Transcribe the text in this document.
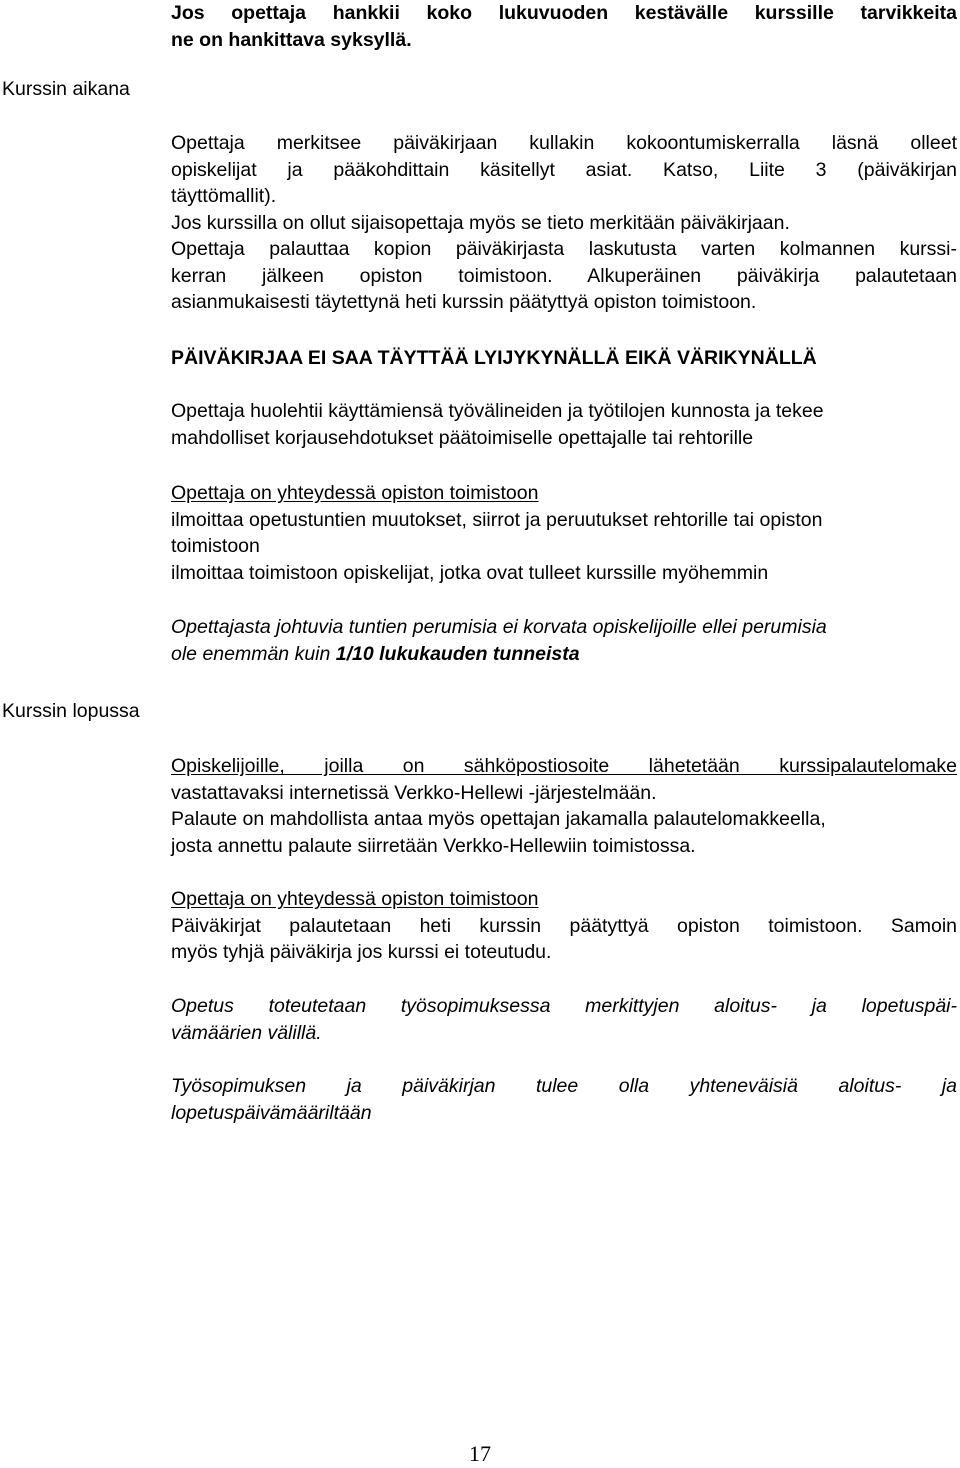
Kurssin aikana
Kurssin lopussa

Jos opettaja hankkii koko lukuvuoden kestävälle kurssille tarvikkeita

ne on hankittava syksyllä.

Opettaja merkitsee päiväkirjaan kullakin kokoontumiskerralla läsnä olleet

opiskelijat ja pääkohdittain käsitellyt asiat. Katso, Liite 3 (päiväkirjan

täyttömallit).

Jos kurssilla on ollut sijaisopettaja myös se tieto merkitään päiväkirjaan.

Opettaja palauttaa kopion päiväkirjasta laskutusta varten kolmannen kurssi-

kerran jälkeen opiston toimistoon. Alkuperäinen päiväkirja palautetaan

asianmukaisesti täytettynä heti kurssin päätyttyä opiston toimistoon.

PÄIVÄKIRJAA EI SAA TÄYTTÄÄ LYIJYKYNÄLLÄ EIKÄ VÄRIKYNÄLLÄ

Opettaja huolehtii käyttämiensä työvälineiden ja työtilojen kunnosta ja tekee

mahdolliset korjausehdotukset päätoimiselle opettajalle tai rehtorille

Opettaja on yhteydessä opiston toimistoon

ilmoittaa opetustuntien muutokset, siirrot ja peruutukset rehtorille tai opiston

toimistoon

ilmoittaa toimistoon opiskelijat, jotka ovat tulleet kurssille myöhemmin

Opettajasta johtuvia tuntien perumisia ei korvata opiskelijoille ellei perumisia

ole enemmän kuin 1/10 lukukauden tunneista

Opiskelijoille, joilla on sähköpostiosoite lähetetään kurssipalautelomake

vastattavaksi internetissä Verkko-Hellewi -järjestelmään.

Palaute on mahdollista antaa myös opettajan jakamalla palautelomakkeella,

josta annettu palaute siirretään Verkko-Hellewiin toimistossa.

Opettaja on yhteydessä opiston toimistoon

Päiväkirjat palautetaan heti kurssin päätyttyä opiston toimistoon. Samoin

myös tyhjä päiväkirja jos kurssi ei toteutudu.

Opetus toteutetaan työsopimuksessa merkittyjen aloitus- ja lopetuspäi-

vämäärien välillä.

Työsopimuksen ja päiväkirjan tulee olla yhteneväisiä aloitus- ja

lopetuspäivämääriltään

17
